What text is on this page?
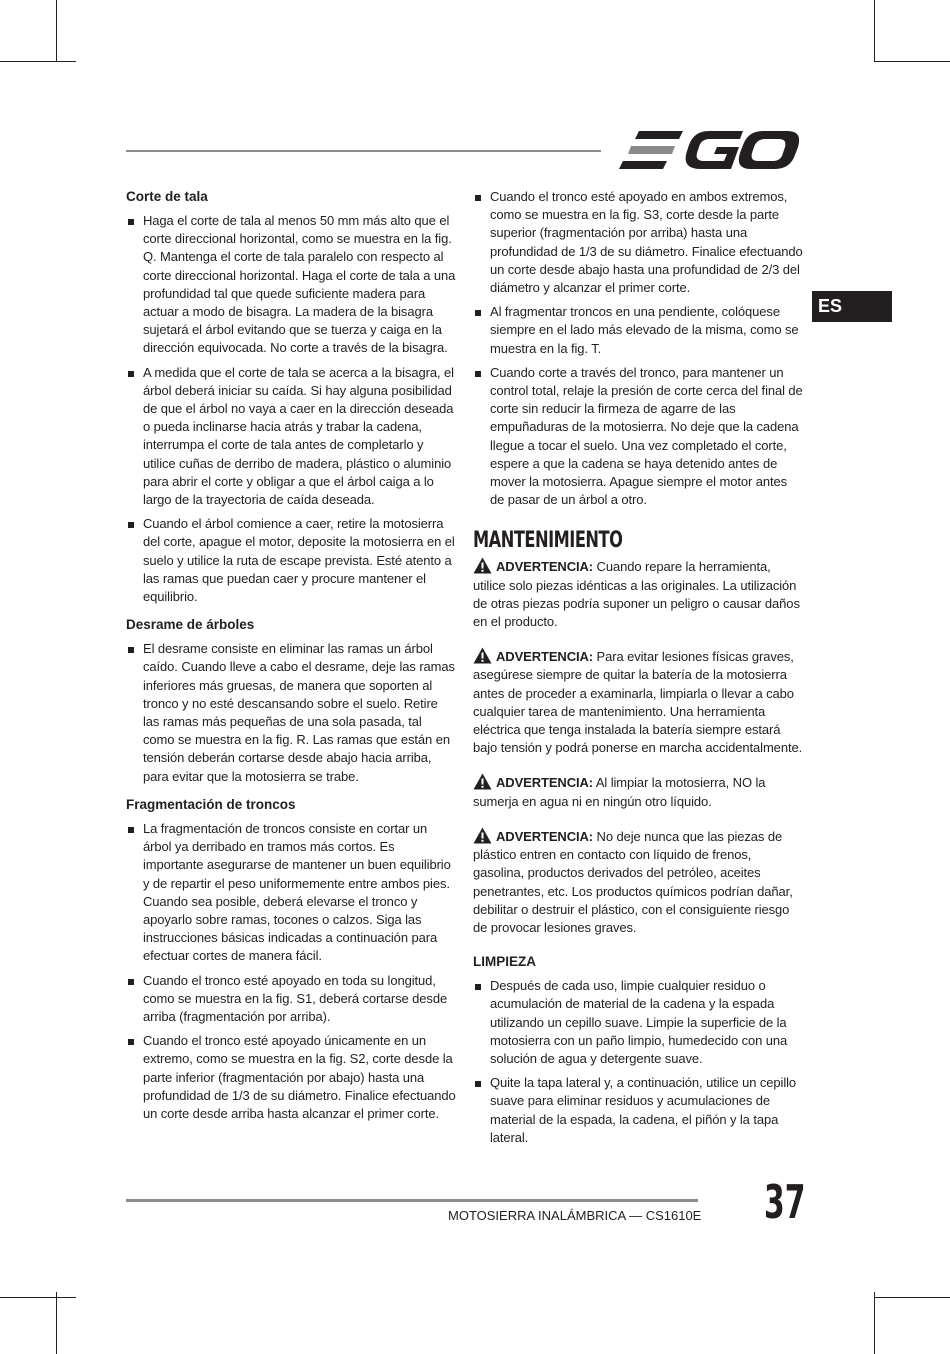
ES
Corte de tala
Haga el corte de tala al menos 50 mm más alto que el corte direccional horizontal, como se muestra en la fig. Q. Mantenga el corte de tala paralelo con respecto al corte direccional horizontal. Haga el corte de tala a una profundidad tal que quede suficiente madera para actuar a modo de bisagra. La madera de la bisagra sujetará el árbol evitando que se tuerza y caiga en la dirección equivocada. No corte a través de la bisagra.
A medida que el corte de tala se acerca a la bisagra, el árbol deberá iniciar su caída. Si hay alguna posibilidad de que el árbol no vaya a caer en la dirección deseada o pueda inclinarse hacia atrás y trabar la cadena, interrumpa el corte de tala antes de completarlo y utilice cuñas de derribo de madera, plástico o aluminio para abrir el corte y obligar a que el árbol caiga a lo largo de la trayectoria de caída deseada.
Cuando el árbol comience a caer, retire la motosierra del corte, apague el motor, deposite la motosierra en el suelo y utilice la ruta de escape prevista. Esté atento a las ramas que puedan caer y procure mantener el equilibrio.
Desrame de árboles
El desrame consiste en eliminar las ramas un árbol caído. Cuando lleve a cabo el desrame, deje las ramas inferiores más gruesas, de manera que soporten al tronco y no esté descansando sobre el suelo. Retire las ramas más pequeñas de una sola pasada, tal como se muestra en la fig. R. Las ramas que están en tensión deberán cortarse desde abajo hacia arriba, para evitar que la motosierra se trabe.
Fragmentación de troncos
La fragmentación de troncos consiste en cortar un árbol ya derribado en tramos más cortos. Es importante asegurarse de mantener un buen equilibrio y de repartir el peso uniformemente entre ambos pies. Cuando sea posible, deberá elevarse el tronco y apoyarlo sobre ramas, tocones o calzos. Siga las instrucciones básicas indicadas a continuación para efectuar cortes de manera fácil.
Cuando el tronco esté apoyado en toda su longitud, como se muestra en la fig. S1, deberá cortarse desde arriba (fragmentación por arriba).
Cuando el tronco esté apoyado únicamente en un extremo, como se muestra en la fig. S2, corte desde la parte inferior (fragmentación por abajo) hasta una profundidad de 1/3 de su diámetro. Finalice efectuando un corte desde arriba hasta alcanzar el primer corte.
Cuando el tronco esté apoyado en ambos extremos, como se muestra en la fig. S3, corte desde la parte superior (fragmentación por arriba) hasta una profundidad de 1/3 de su diámetro. Finalice efectuando un corte desde abajo hasta una profundidad de 2/3 del diámetro y alcanzar el primer corte.
Al fragmentar troncos en una pendiente, colóquese siempre en el lado más elevado de la misma, como se muestra en la fig. T.
Cuando corte a través del tronco, para mantener un control total, relaje la presión de corte cerca del final de corte sin reducir la firmeza de agarre de las empuñaduras de la motosierra. No deje que la cadena llegue a tocar el suelo. Una vez completado el corte, espere a que la cadena se haya detenido antes de mover la motosierra. Apague siempre el motor antes de pasar de un árbol a otro.
MANTENIMIENTO

ADVERTENCIA: Cuando repare la herramienta, utilice solo piezas idénticas a las originales. La utilización de otras piezas podría suponer un peligro o causar daños en el producto.

ADVERTENCIA: Para evitar lesiones físicas graves, asegúrese siempre de quitar la batería de la motosierra antes de proceder a examinarla, limpiarla o llevar a cabo cualquier tarea de mantenimiento. Una herramienta eléctrica que tenga instalada la batería siempre estará bajo tensión y podrá ponerse en marcha accidentalmente.

ADVERTENCIA: Al limpiar la motosierra, NO la sumerja en agua ni en ningún otro líquido.

ADVERTENCIA: No deje nunca que las piezas de plástico entren en contacto con líquido de frenos, gasolina, productos derivados del petróleo, aceites penetrantes, etc. Los productos químicos podrían dañar, debilitar o destruir el plástico, con el consiguiente riesgo de provocar lesiones graves.

LIMPIEZA
Después de cada uso, limpie cualquier residuo o acumulación de material de la cadena y la espada utilizando un cepillo suave. Limpie la superficie de la motosierra con un paño limpio, humedecido con una solución de agua y detergente suave.
Quite la tapa lateral y, a continuación, utilice un cepillo suave para eliminar residuos y acumulaciones de material de la espada, la cadena, el piñón y la tapa lateral.
MOTOSIERRA INALÁMBRICA — CS1610E 37
